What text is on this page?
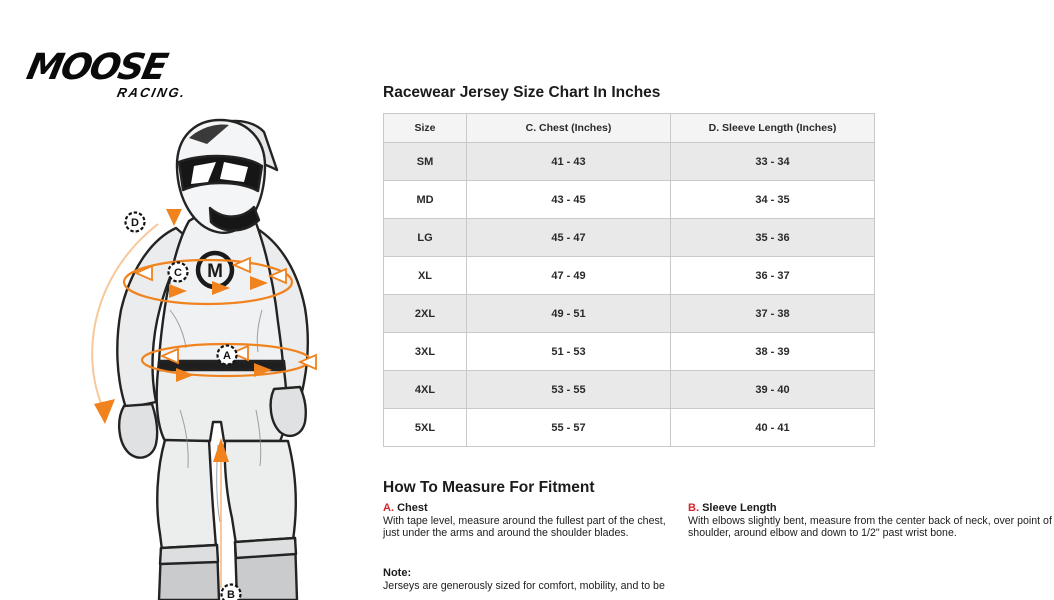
MOOSE
RACING.
M
D
C
A
B
Racewear Jersey Size Chart In Inches
Size	C. Chest (Inches)	D. Sleeve Length (Inches)
SM	41 - 43	33 - 34
MD	43 - 45	34 - 35
LG	45 - 47	35 - 36
XL	47 - 49	36 - 37
2XL	49 - 51	37 - 38
3XL	51 - 53	38 - 39
4XL	53 - 55	39 - 40
5XL	55 - 57	40 - 41
How To Measure For Fitment
A. Chest
With tape level, measure around the fullest part of the chest, just under the arms and around the shoulder blades.
B. Sleeve Length
With elbows slightly bent, measure from the center back of neck, over point of shoulder, around elbow and down to 1/2" past wrist bone.
Note:
Jerseys are generously sized for comfort, mobility, and to be
